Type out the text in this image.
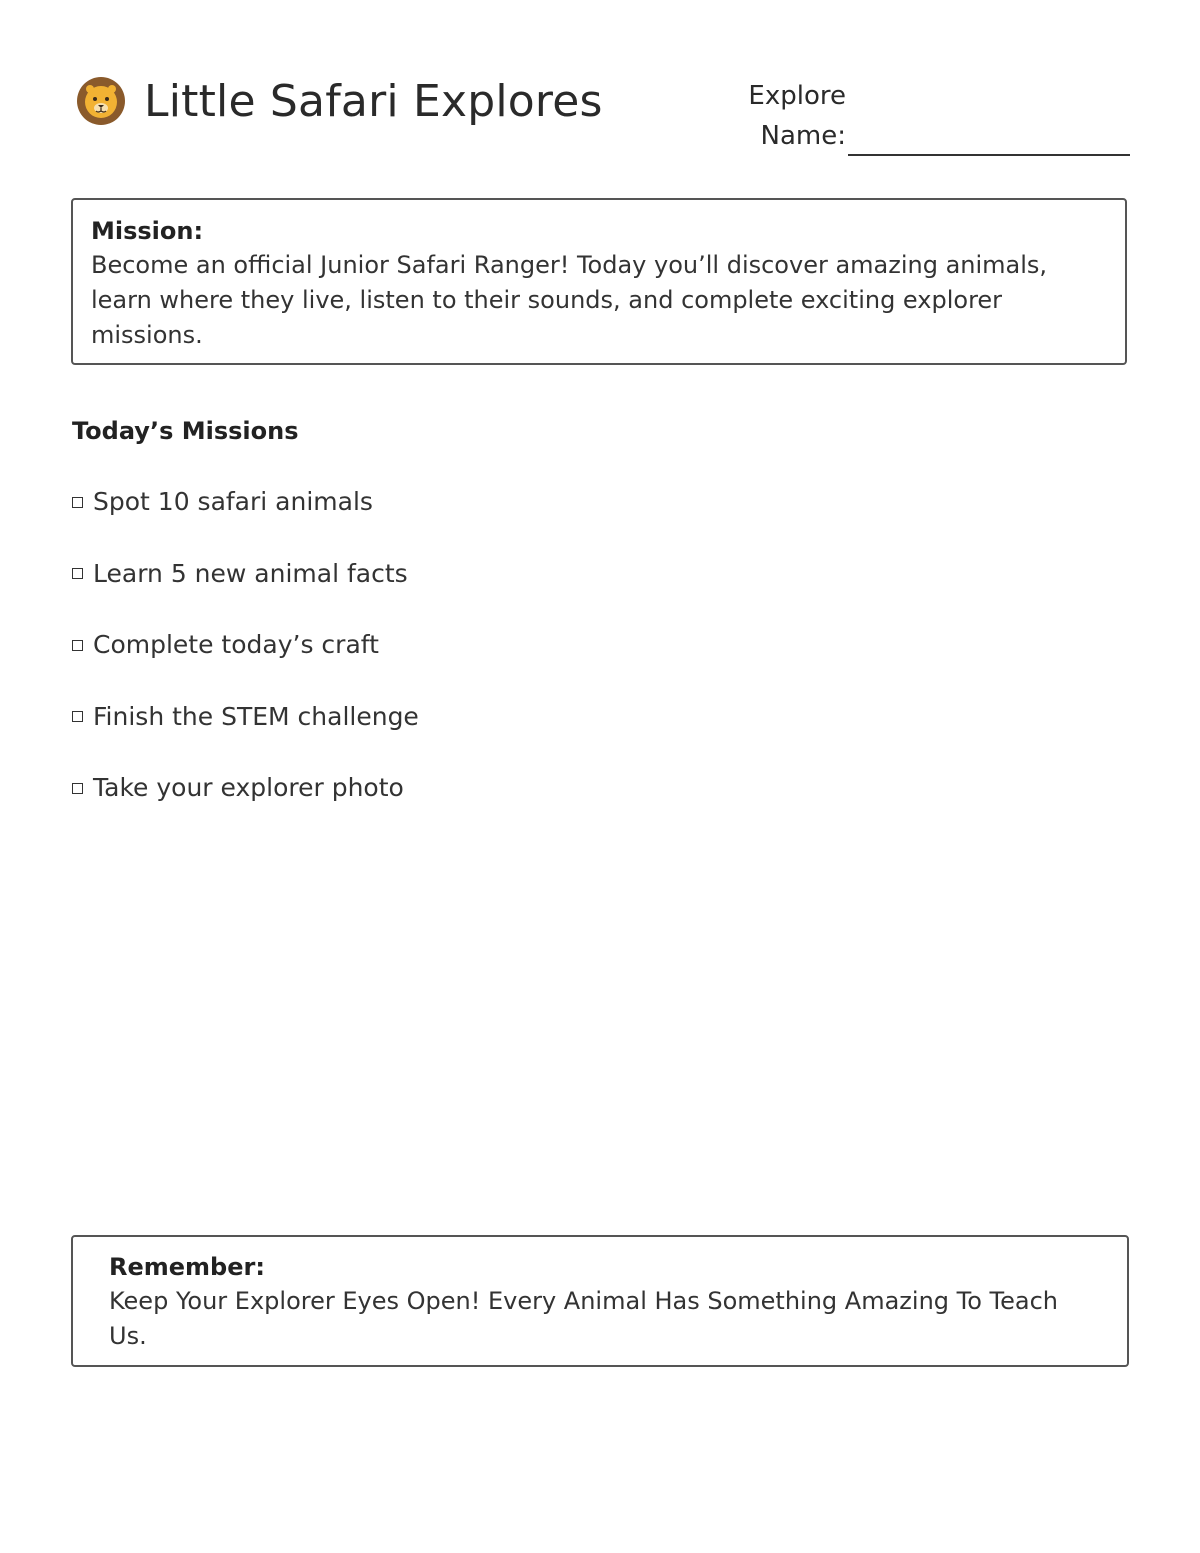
Little Safari Explores	Explore Name:
Mission:
Become an official Junior Safari Ranger! Today you’ll discover amazing animals, learn where they live, listen to their sounds, and complete exciting explorer missions.
Today’s Missions
Spot 10 safari animals
Learn 5 new animal facts
Complete today’s craft
Finish the STEM challenge
Take your explorer photo
Remember:
Keep Your Explorer Eyes Open! Every Animal Has Something Amazing To Teach Us.
